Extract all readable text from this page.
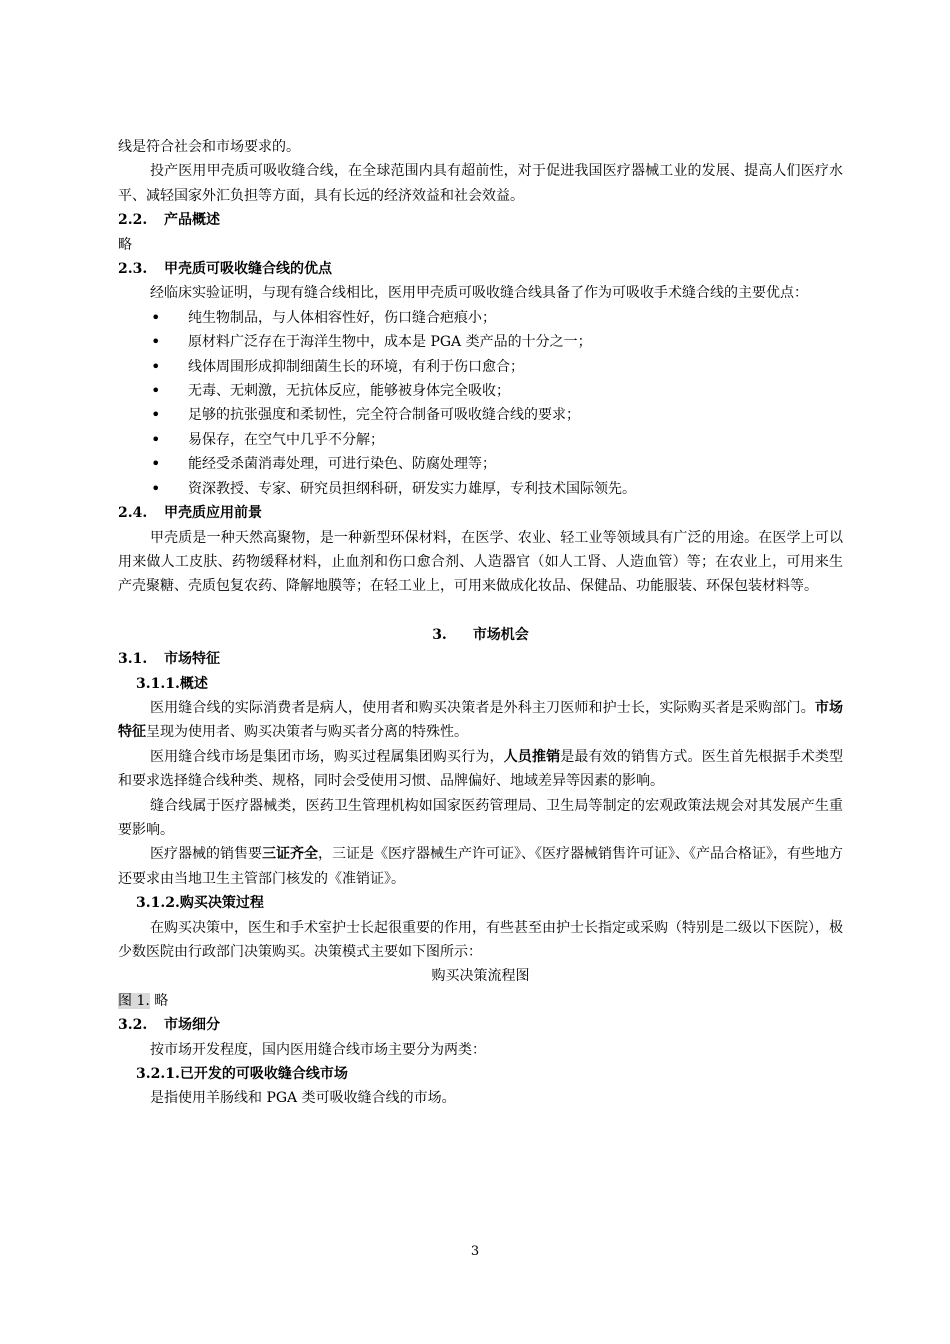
线是符合社会和市场要求的。

投产医用甲壳质可吸收缝合线，在全球范围内具有超前性，对于促进我国医疗器械工业的发展、提高人们医疗水平、减轻国家外汇负担等方面，具有长远的经济效益和社会效益。

2.2. 产品概述

略

2.3. 甲壳质可吸收缝合线的优点

经临床实验证明，与现有缝合线相比，医用甲壳质可吸收缝合线具备了作为可吸收手术缝合线的主要优点：

• 纯生物制品，与人体相容性好，伤口缝合疤痕小；
• 原材料广泛存在于海洋生物中，成本是 PGA 类产品的十分之一；
• 线体周围形成抑制细菌生长的环境，有利于伤口愈合；
• 无毒、无刺激，无抗体反应，能够被身体完全吸收；
• 足够的抗张强度和柔韧性，完全符合制备可吸收缝合线的要求；
• 易保存，在空气中几乎不分解；
• 能经受杀菌消毒处理，可进行染色、防腐处理等；
• 资深教授、专家、研究员担纲科研，研发实力雄厚，专利技术国际领先。

2.4. 甲壳质应用前景

甲壳质是一种天然高聚物，是一种新型环保材料，在医学、农业、轻工业等领域具有广泛的用途。在医学上可以用来做人工皮肤、药物缓释材料，止血剂和伤口愈合剂、人造器官（如人工肾、人造血管）等；在农业上，可用来生产壳聚糖、壳质包复农药、降解地膜等；在轻工业上，可用来做成化妆品、保健品、功能服装、环保包装材料等。

3. 市场机会

3.1. 市场特征

3.1.1.概述

医用缝合线的实际消费者是病人，使用者和购买决策者是外科主刀医师和护士长，实际购买者是采购部门。市场特征呈现为使用者、购买决策者与购买者分离的特殊性。

医用缝合线市场是集团市场，购买过程属集团购买行为，人员推销是最有效的销售方式。医生首先根据手术类型和要求选择缝合线种类、规格，同时会受使用习惯、品牌偏好、地域差异等因素的影响。

缝合线属于医疗器械类，医药卫生管理机构如国家医药管理局、卫生局等制定的宏观政策法规会对其发展产生重要影响。

医疗器械的销售要三证齐全，三证是《医疗器械生产许可证》、《医疗器械销售许可证》、《产品合格证》，有些地方还要求由当地卫生主管部门核发的《准销证》。

3.1.2.购买决策过程

在购买决策中，医生和手术室护士长起很重要的作用，有些甚至由护士长指定或采购（特别是二级以下医院），极少数医院由行政部门决策购买。决策模式主要如下图所示：

购买决策流程图

图 1. 略

3.2. 市场细分

按市场开发程度，国内医用缝合线市场主要分为两类：

3.2.1.已开发的可吸收缝合线市场

是指使用羊肠线和 PGA 类可吸收缝合线的市场。

3
